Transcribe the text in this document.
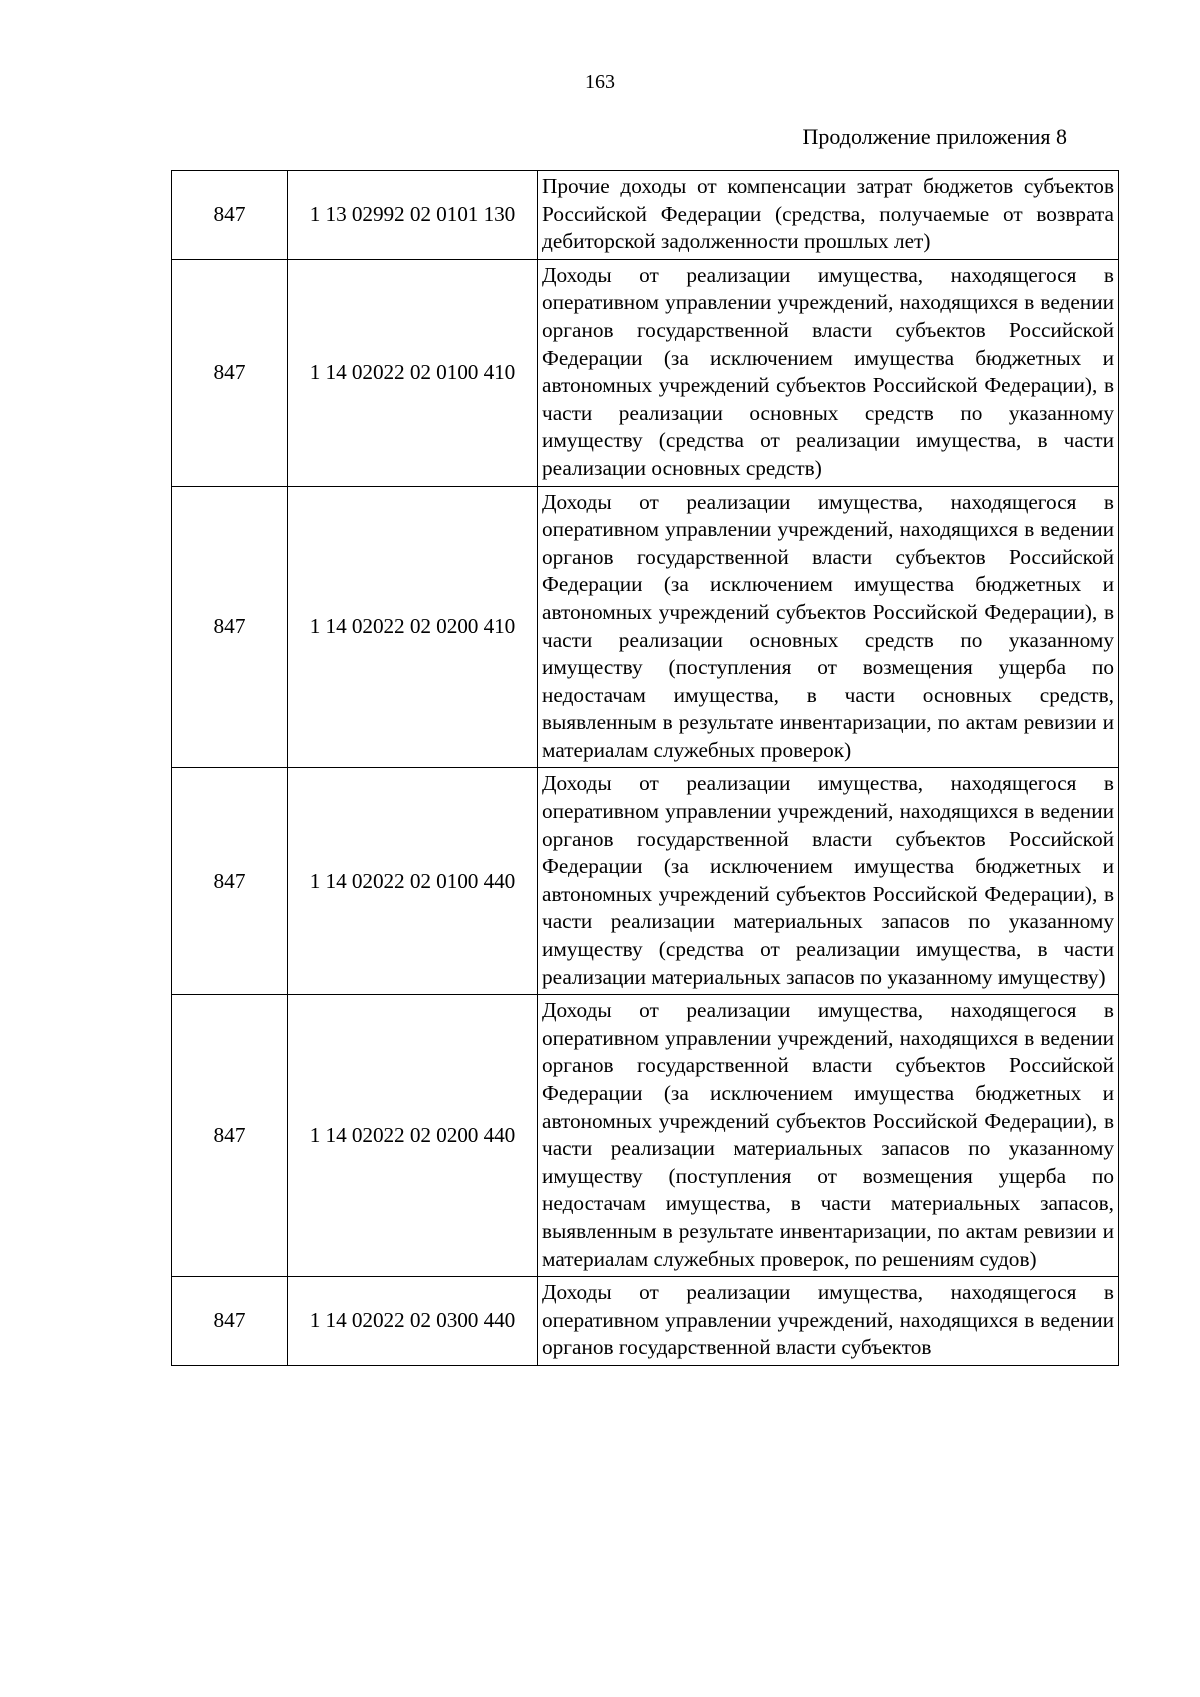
163
Продолжение приложения 8
847	1 13 02992 02 0101 130	Прочие доходы от компенсации затрат бюджетов субъектов Российской Федерации (средства, получаемые от возврата дебиторской задолженности прошлых лет)
847	1 14 02022 02 0100 410	Доходы от реализации имущества, находящегося в оперативном управлении учреждений, находящихся в ведении органов государственной власти субъектов Российской Федерации (за исключением имущества бюджетных и автономных учреждений субъектов Российской Федерации), в части реализации основных средств по указанному имуществу (средства от реализации имущества, в части реализации основных средств)
847	1 14 02022 02 0200 410	Доходы от реализации имущества, находящегося в оперативном управлении учреждений, находящихся в ведении органов государственной власти субъектов Российской Федерации (за исключением имущества бюджетных и автономных учреждений субъектов Российской Федерации), в части реализации основных средств по указанному имуществу (поступления от возмещения ущерба по недостачам имущества, в части основных средств, выявленным в результате инвентаризации, по актам ревизии и материалам служебных проверок)
847	1 14 02022 02 0100 440	Доходы от реализации имущества, находящегося в оперативном управлении учреждений, находящихся в ведении органов государственной власти субъектов Российской Федерации (за исключением имущества бюджетных и автономных учреждений субъектов Российской Федерации), в части реализации материальных запасов по указанному имуществу (средства от реализации имущества, в части реализации материальных запасов по указанному имуществу)
847	1 14 02022 02 0200 440	Доходы от реализации имущества, находящегося в оперативном управлении учреждений, находящихся в ведении органов государственной власти субъектов Российской Федерации (за исключением имущества бюджетных и автономных учреждений субъектов Российской Федерации), в части реализации материальных запасов по указанному имуществу (поступления от возмещения ущерба по недостачам имущества, в части материальных запасов, выявленным в результате инвентаризации, по актам ревизии и материалам служебных проверок, по решениям судов)
847	1 14 02022 02 0300 440	Доходы от реализации имущества, находящегося в оперативном управлении учреждений, находящихся в ведении органов государственной власти субъектов
